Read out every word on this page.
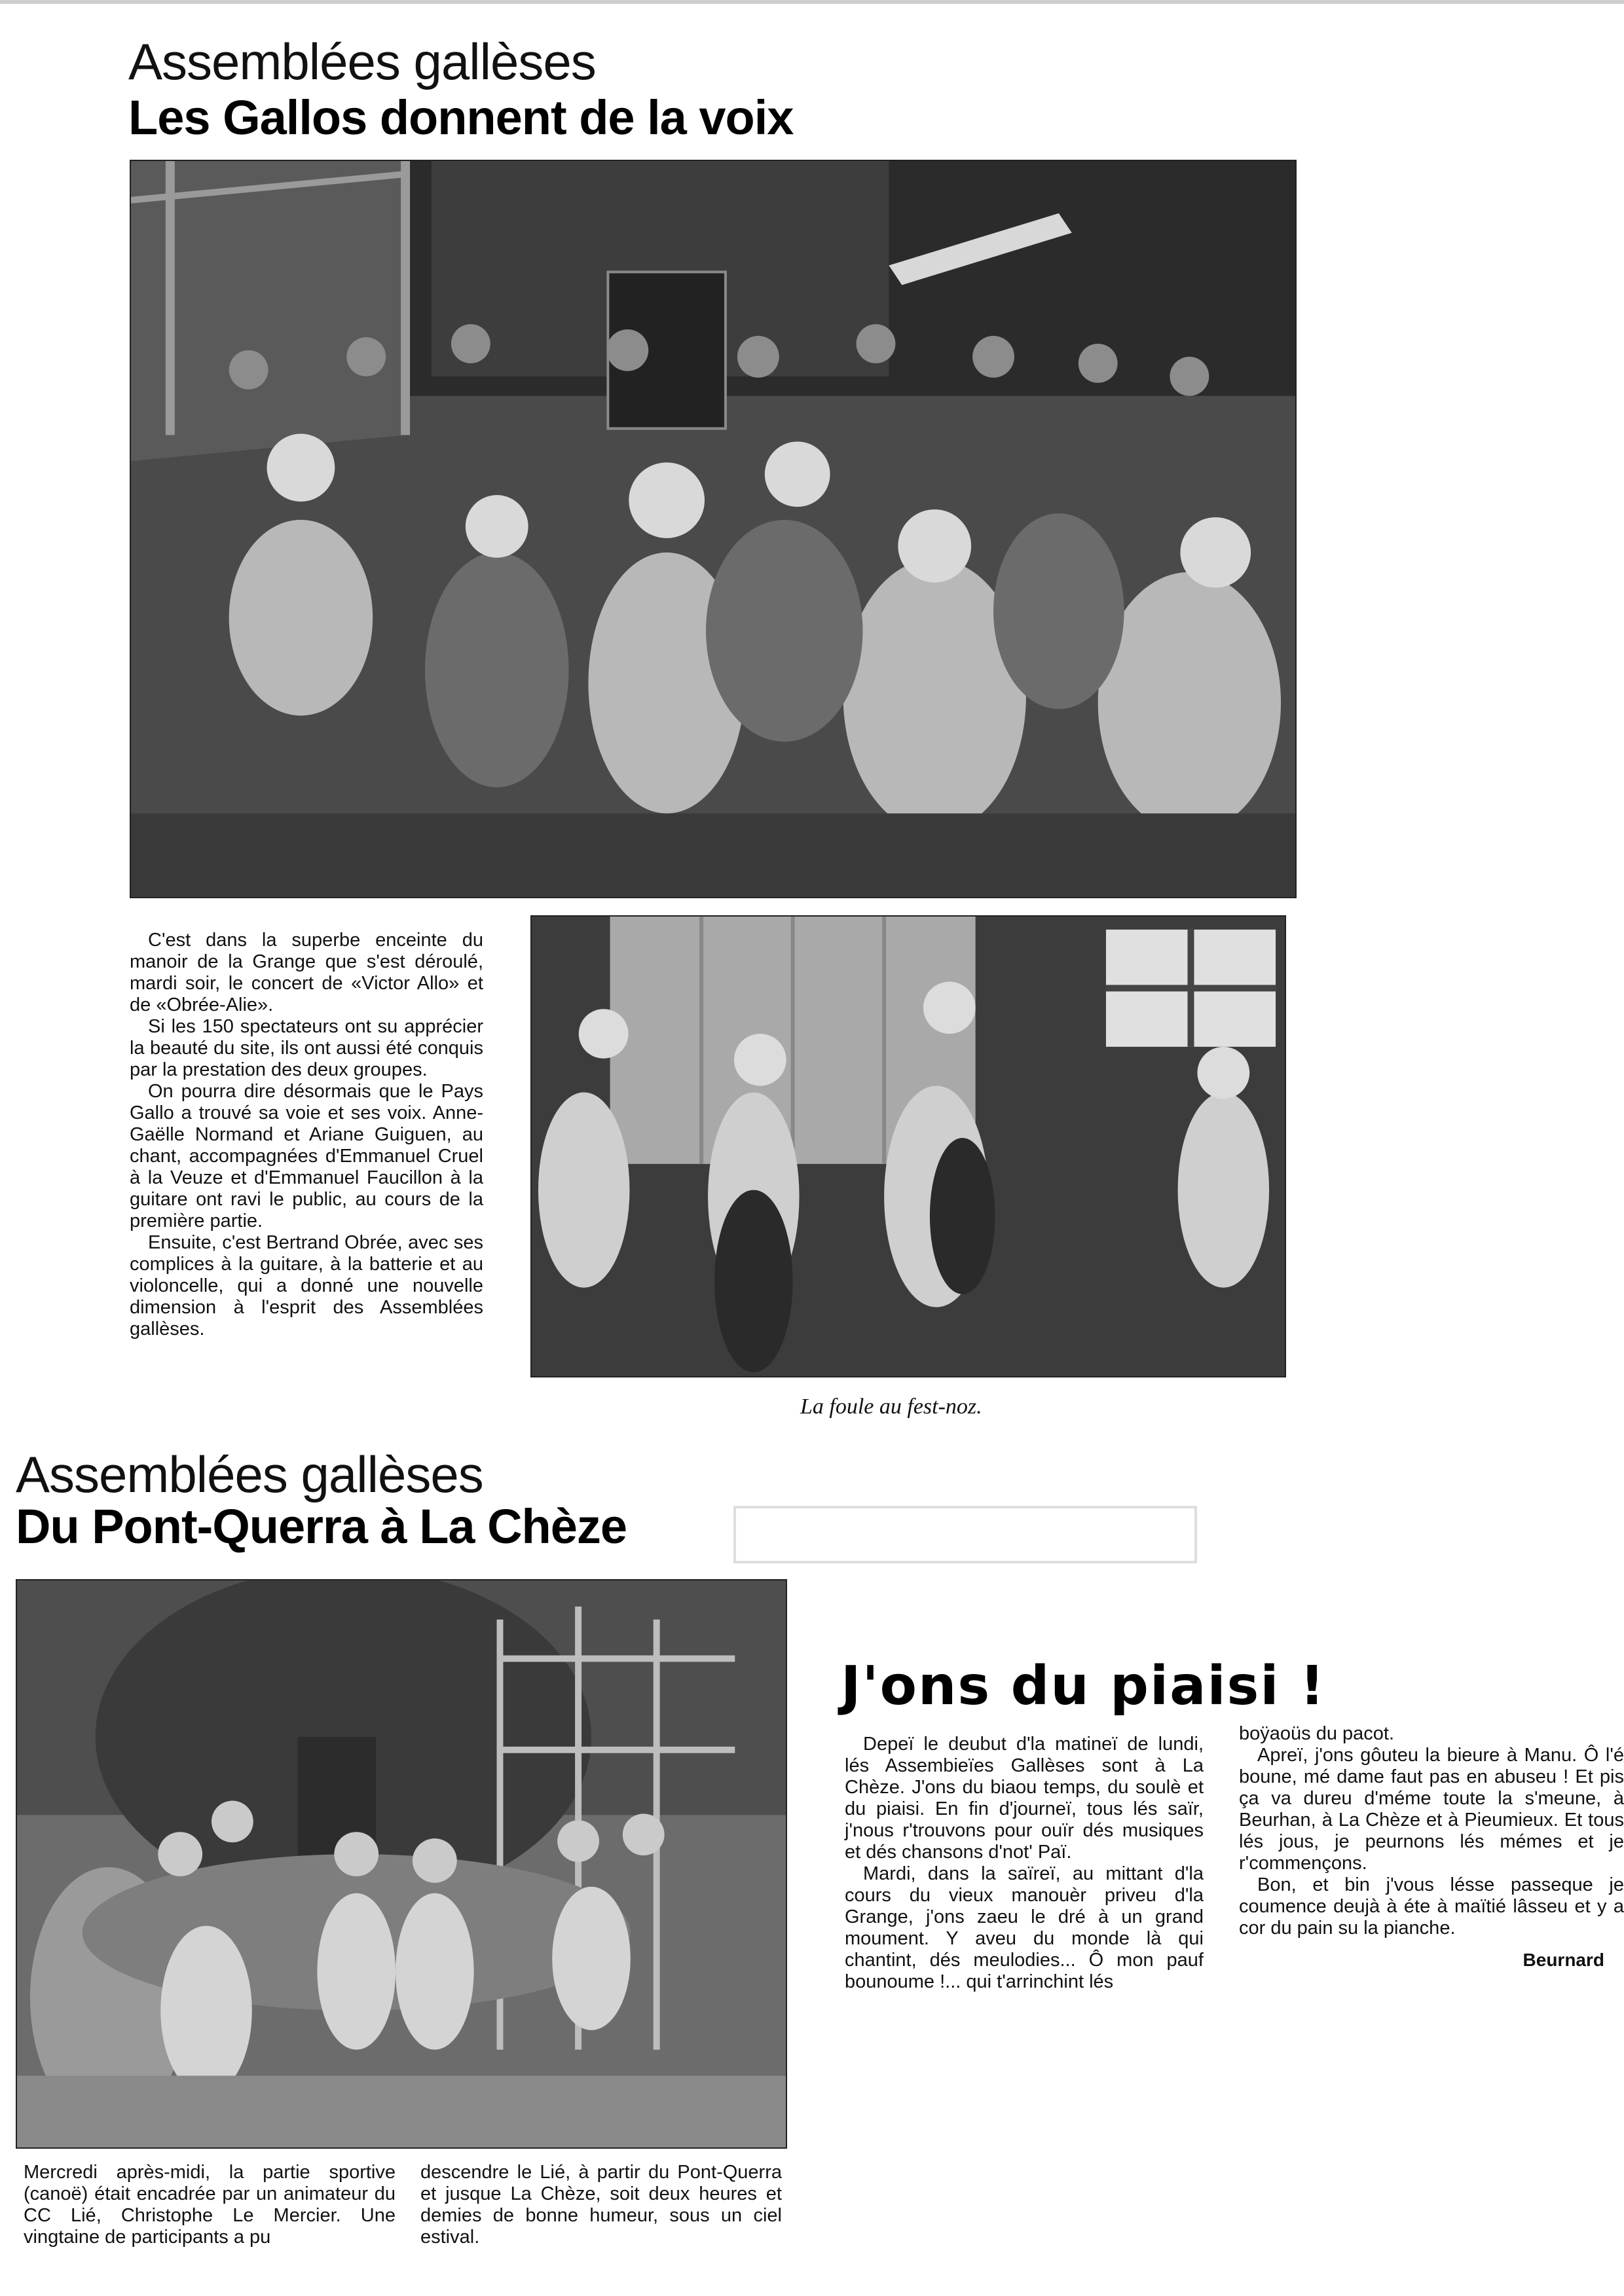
Assemblées gallèses
Les Gallos donnent de la voix

C'est dans la superbe enceinte du manoir de la Grange que s'est déroulé, mardi soir, le concert de «Victor Allo» et de «Obrée-Alie».

Si les 150 spectateurs ont su apprécier la beauté du site, ils ont aussi été conquis par la prestation des deux groupes.

On pourra dire désormais que le Pays Gallo a trouvé sa voie et ses voix. Anne-Gaëlle Normand et Ariane Guiguen, au chant, accompagnées d'Emmanuel Cruel à la Veuze et d'Emmanuel Faucillon à la guitare ont ravi le public, au cours de la première partie.

Ensuite, c'est Bertrand Obrée, avec ses complices à la guitare, à la batterie et au violoncelle, qui a donné une nouvelle dimension à l'esprit des Assemblées gallèses.

La foule au fest-noz.
Assemblées gallèses
Du Pont-Querra à La Chèze
Mercredi après-midi, la partie sportive (canoë) était encadrée par un animateur du CC Lié, Christophe Le Mercier. Une vingtaine de participants a pu
descendre le Lié, à partir du Pont-Querra et jusque La Chèze, soit deux heures et demies de bonne humeur, sous un ciel estival.
J'ons du piaisi !

Depeï le deubut d'la matineï de lundi, lés Assembieïes Gallèses sont à La Chèze. J'ons du biaou temps, du soulè et du piaisi. En fin d'journeï, tous lés saïr, j'nous r'trouvons pour ouïr dés musiques et dés chansons d'not' Paï.

Mardi, dans la saïreï, au mittant d'la cours du vieux manouèr priveu d'la Grange, j'ons zaeu le dré à un grand moument. Y aveu du monde là qui chantint, dés meulodies... Ô mon pauf bounoume !... qui t'arrinchint lés

boÿaoüs du pacot.

Apreï, j'ons gôuteu la bieure à Manu. Ô l'é boune, mé dame faut pas en abuseu ! Et pis ça va dureu d'méme toute la s'meune, à Beurhan, à La Chèze et à Pieumieux. Et tous lés jous, je peurnons lés mémes et je r'commençons.

Bon, et bin j'vous lésse passeque je coumence deujà à éte à maïtié lâsseu et y a cor du pain su la pianche.

Beurnard
